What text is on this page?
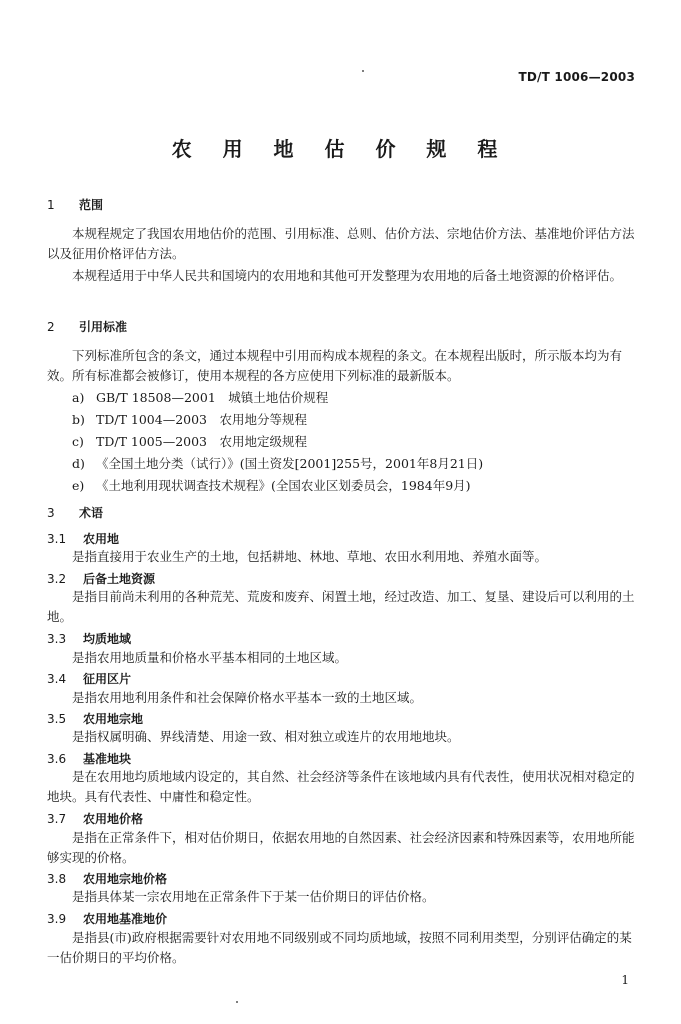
TD/T 1006—2003
农 用 地 估 价 规 程
1 范围
本规程规定了我国农用地估价的范围、引用标准、总则、估价方法、宗地估价方法、基准地价评估方法以及征用价格评估方法。
本规程适用于中华人民共和国境内的农用地和其他可开发整理为农用地的后备土地资源的价格评估。
2 引用标准
下列标准所包含的条文，通过本规程中引用而构成本规程的条文。在本规程出版时，所示版本均为有效。所有标准都会被修订，使用本规程的各方应使用下列标准的最新版本。
a) GB/T 18508—2001　城镇土地估价规程
b) TD/T 1004—2003　农用地分等规程
c) TD/T 1005—2003　农用地定级规程
d) 《全国土地分类（试行）》(国土资发[2001]255号，2001年8月21日)
e) 《土地利用现状调查技术规程》(全国农业区划委员会，1984年9月)
3 术语
3.1 农用地
是指直接用于农业生产的土地，包括耕地、林地、草地、农田水利用地、养殖水面等。
3.2 后备土地资源
是指目前尚未利用的各种荒芜、荒废和废弃、闲置土地，经过改造、加工、复垦、建设后可以利用的土地。
3.3 均质地域
是指农用地质量和价格水平基本相同的土地区域。
3.4 征用区片
是指农用地利用条件和社会保障价格水平基本一致的土地区域。
3.5 农用地宗地
是指权属明确、界线清楚、用途一致、相对独立或连片的农用地地块。
3.6 基准地块
是在农用地均质地域内设定的，其自然、社会经济等条件在该地域内具有代表性，使用状况相对稳定的地块。具有代表性、中庸性和稳定性。
3.7 农用地价格
是指在正常条件下，相对估价期日，依据农用地的自然因素、社会经济因素和特殊因素等，农用地所能够实现的价格。
3.8 农用地宗地价格
是指具体某一宗农用地在正常条件下于某一估价期日的评估价格。
3.9 农用地基准地价
是指县(市)政府根据需要针对农用地不同级别或不同均质地域，按照不同利用类型，分别评估确定的某一估价期日的平均价格。
1
